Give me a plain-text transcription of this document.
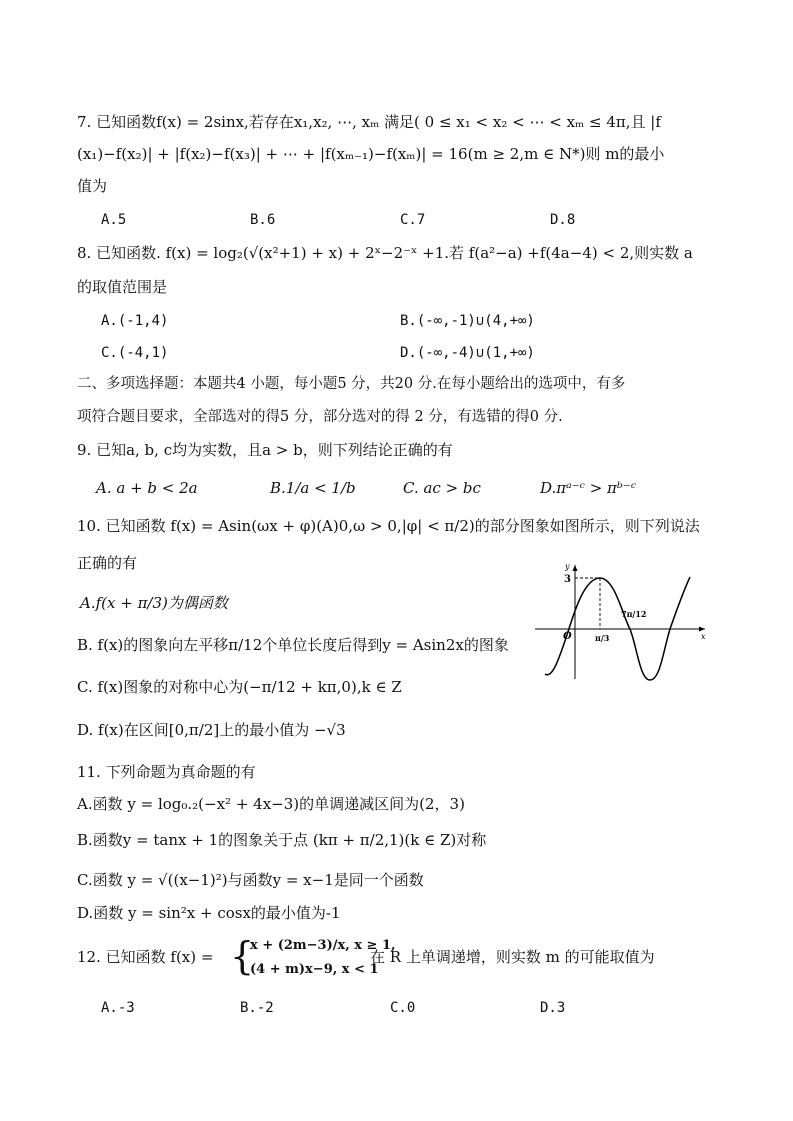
7. 已知函数f(x) = 2sinx,若存在x₁,x₂, ⋯, xₘ 满足( 0 ≤ x₁ < x₂ < ⋯ < xₘ ≤ 4π,且 |f
(x₁)−f(x₂)| + |f(x₂)−f(x₃)| + ⋯ + |f(xₘ₋₁)−f(xₘ)| = 16(m ≥ 2,m ∈ N*)则 m的最小
值为
A.5	B.6	C.7	D.8
8. 已知函数. f(x) = log₂(√(x²+1) + x) + 2ˣ−2⁻ˣ +1.若 f(a²−a) +f(4a−4) < 2,则实数 a
的取值范围是
A.(-1,4)	B.(-∞,-1)∪(4,+∞)
C.(-4,1)	D.(-∞,-4)∪(1,+∞)
二、多项选择题：本题共4 小题，每小题5 分，共20 分.在每小题给出的选项中，有多
项符合题目要求，全部选对的得5 分，部分选对的得 2 分，有选错的得0 分.
9. 已知a, b, c均为实数，且a > b，则下列结论正确的有
A. a + b < 2a	B.1/a < 1/b	C. ac > bc	D.πᵃ⁻ᶜ > πᵇ⁻ᶜ
10. 已知函数 f(x) = Asin(ωx + φ)(A)0,ω > 0,|φ| < π/2)的部分图象如图所示，则下列说法
正确的有
A.f(x + π/3)为偶函数
B. f(x)的图象向左平移π/12个单位长度后得到y = Asin2x的图象
C. f(x)图象的对称中心为(−π/12 + kπ,0),k ∈ Z
D. f(x)在区间[0,π/2]上的最小值为 −√3
y
x
O
3
π/3
7π/12
11. 下列命题为真命题的有
A.函数 y = log₀.₂(−x² + 4x−3)的单调递减区间为(2，3)
B.函数y = tanx + 1的图象关于点 (kπ + π/2,1)(k ∈ Z)对称
C.函数 y = √((x−1)²)与函数y = x−1是同一个函数
D.函数 y = sin²x + cosx的最小值为-1
12. 已知函数 f(x) = {
x + (2m−3)/x, x ≥ 1,
(4 + m)x−9, x < 1
在 R 上单调递增，则实数 m 的可能取值为
A.-3	B.-2	C.0	D.3
